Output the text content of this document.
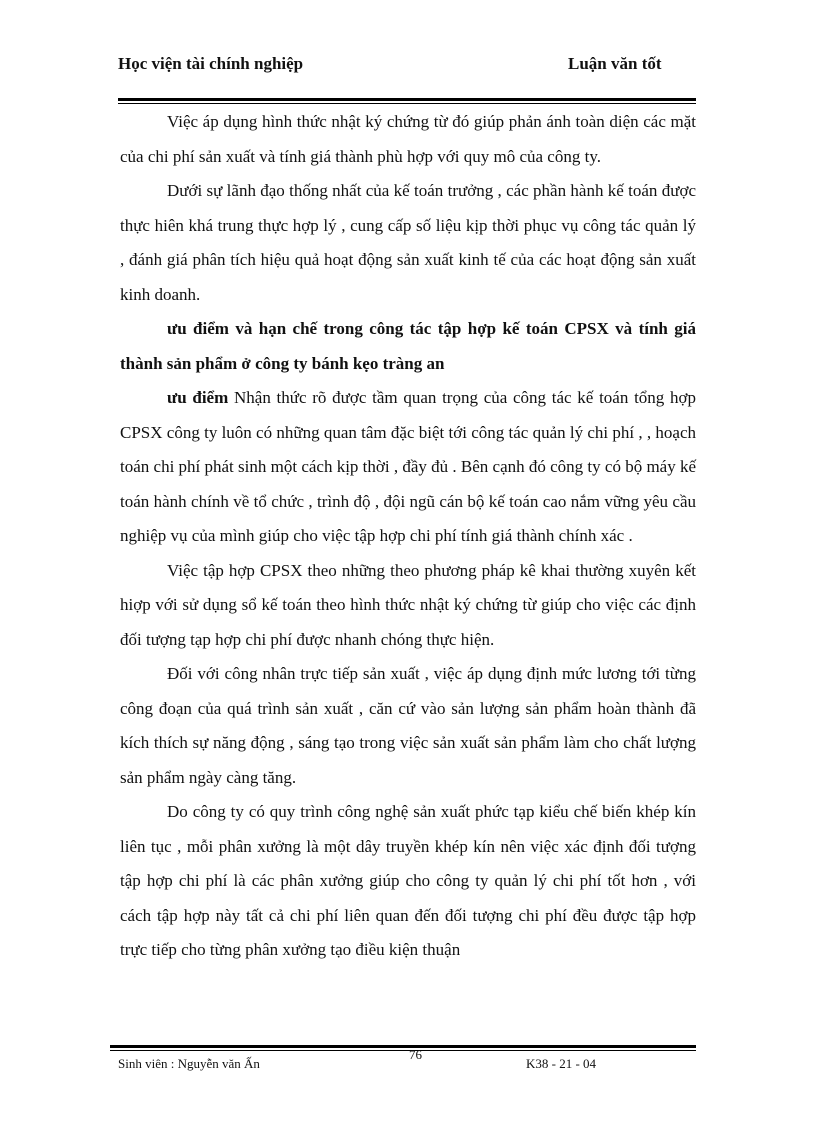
Học viện tài chính nghiệp	Luận văn tốt

Việc áp dụng hình thức nhật ký chứng từ đó giúp phản ánh toàn diện các mặt của chi phí sản xuất và tính giá thành phù hợp với quy mô của công ty.

Dưới sự lãnh đạo thống nhất của kế toán trưởng , các phần hành kế toán được thực hiên khá trung thực hợp lý , cung cấp số liệu kịp thời phục vụ công tác quản lý , đánh giá phân tích hiệu quả hoạt động sản xuất kinh tế của các hoạt động sản xuất kinh doanh.

ưu điểm và hạn chế trong công tác tập hợp kế toán CPSX và tính giá thành sản phẩm ở công ty bánh kẹo tràng an

ưu điểm Nhận thức rõ được tầm quan trọng của công tác kế toán tổng hợp CPSX công ty luôn có những quan tâm đặc biệt tới công tác quản lý chi phí , , hoạch toán chi phí phát sinh một cách kịp thời , đầy đủ . Bên cạnh đó công ty có bộ máy kế toán hành chính về tổ chức , trình độ , đội ngũ cán bộ kế toán cao nắm vững yêu cầu nghiệp vụ của mình giúp cho việc tập hợp chi phí tính giá thành chính xác .

Việc tập hợp CPSX theo những theo phương pháp kê khai thường xuyên kết hiợp với sử dụng sổ kế toán theo hình thức nhật ký chứng từ giúp cho việc các định đối tượng tạp hợp chi phí được nhanh chóng thực hiện.

Đối với công nhân trực tiếp sản xuất , việc áp dụng định mức lương tới từng công đoạn của quá trình sản xuất , căn cứ vào sản lượng sản phẩm hoàn thành đã kích thích sự năng động , sáng tạo trong việc sản xuất sản phẩm làm cho chất lượng sản phẩm ngày càng tăng.

Do công ty có quy trình công nghệ sản xuất phức tạp kiểu chế biến khép kín liên tục , mỗi phân xưởng là một dây truyền khép kín nên việc xác định đối tượng tập hợp chi phí là các phân xưởng giúp cho công ty quản lý chi phí tốt hơn , với cách tập hợp này tất cả chi phí liên quan đến đối tượng chi phí đều được tập hợp trực tiếp cho từng phân xưởng tạo điều kiện thuận

Sinh viên : Nguyễn văn Ấn
76
K38 - 21 - 04
